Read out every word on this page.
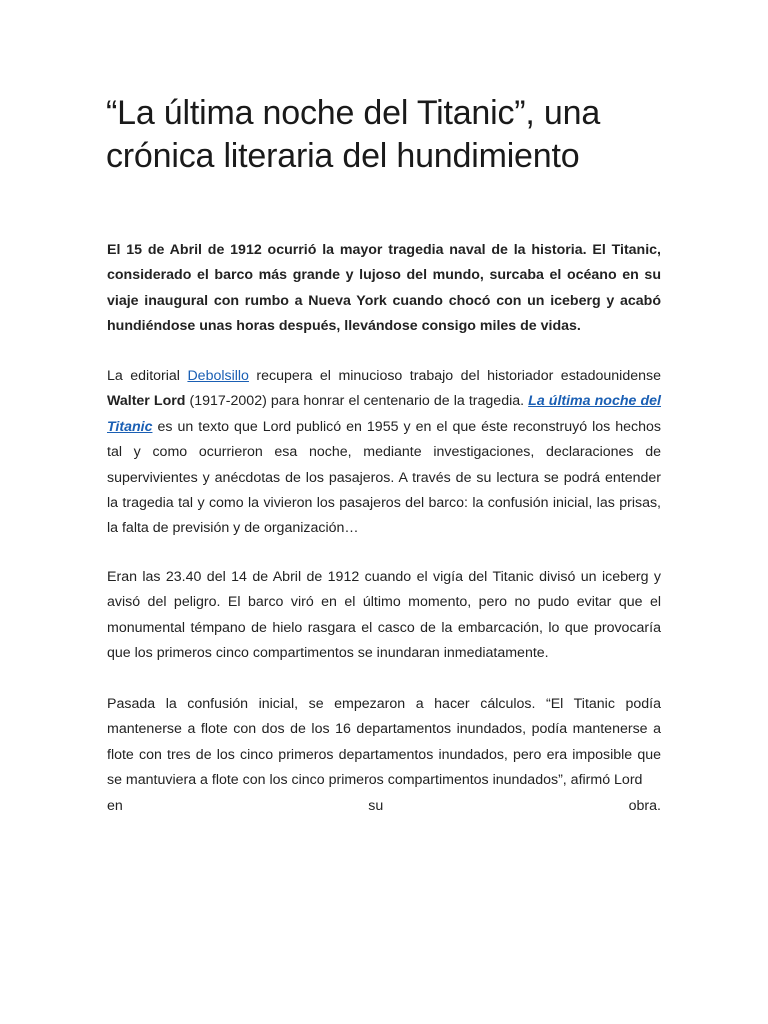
“La última noche del Titanic”, una crónica literaria del hundimiento

El 15 de Abril de 1912 ocurrió la mayor tragedia naval de la historia. El Titanic, considerado el barco más grande y lujoso del mundo, surcaba el océano en su viaje inaugural con rumbo a Nueva York cuando chocó con un iceberg y acabó hundiéndose unas horas después, llevándose consigo miles de vidas.

La editorial Debolsillo recupera el minucioso trabajo del historiador estadounidense Walter Lord (1917-2002) para honrar el centenario de la tragedia. La última noche del Titanic es un texto que Lord publicó en 1955 y en el que éste reconstruyó los hechos tal y como ocurrieron esa noche, mediante investigaciones, declaraciones de supervivientes y anécdotas de los pasajeros. A través de su lectura se podrá entender la tragedia tal y como la vivieron los pasajeros del barco: la confusión inicial, las prisas, la falta de previsión y de organización…

Eran las 23.40 del 14 de Abril de 1912 cuando el vigía del Titanic divisó un iceberg y avisó del peligro. El barco viró en el último momento, pero no pudo evitar que el monumental témpano de hielo rasgara el casco de la embarcación, lo que provocaría que los primeros cinco compartimentos se inundaran inmediatamente.

Pasada la confusión inicial, se empezaron a hacer cálculos. “El Titanic podía mantenerse a flote con dos de los 16 departamentos inundados, podía mantenerse a flote con tres de los cinco primeros departamentos inundados, pero era imposible que se mantuviera a flote con los cinco primeros compartimentos inundados”, afirmó Lord
en	su	obra.
